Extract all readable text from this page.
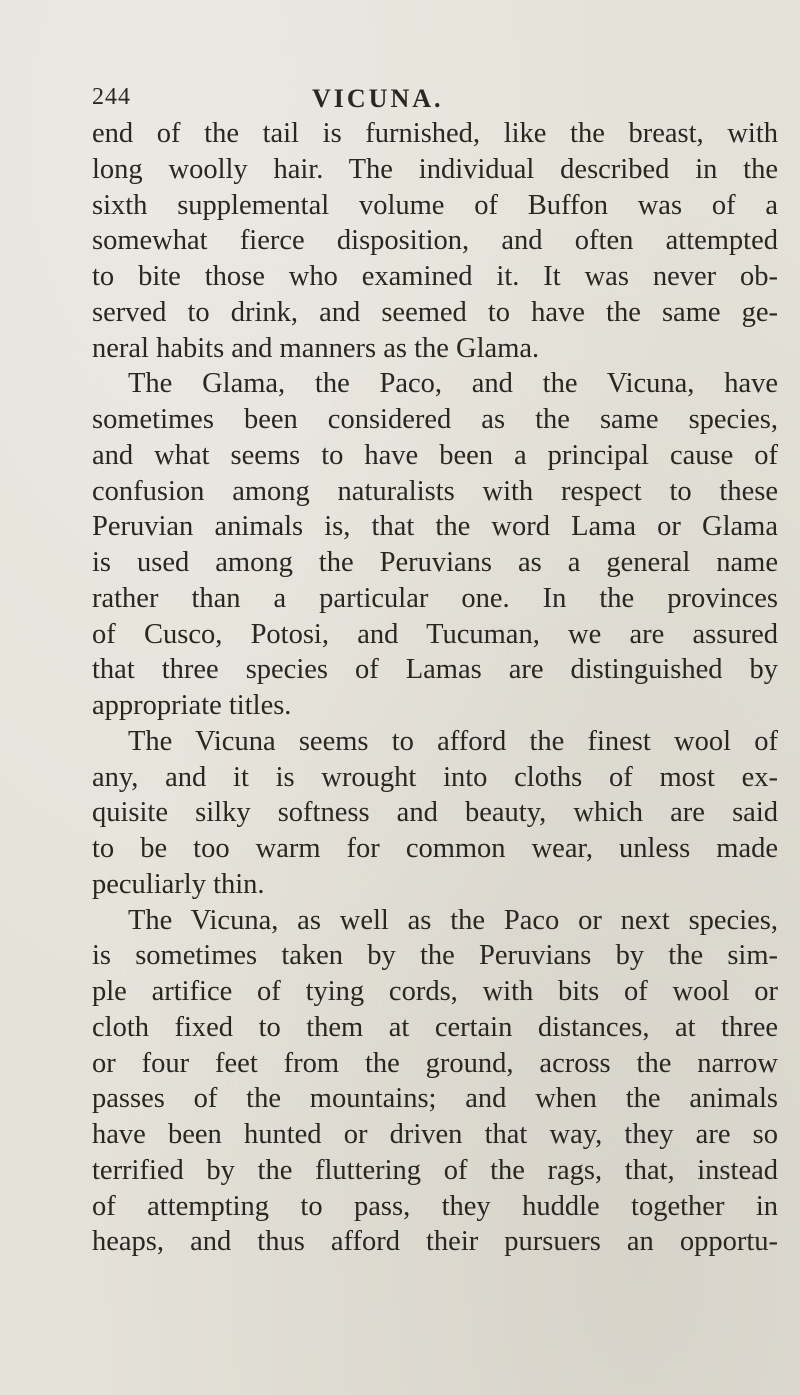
244	VICUNA.
end of the tail is furnished, like the breast, with
long woolly hair. The individual described in the
sixth supplemental volume of Buffon was of a
somewhat fierce disposition, and often attempted
to bite those who examined it. It was never ob-
served to drink, and seemed to have the same ge-
neral habits and manners as the Glama.
The Glama, the Paco, and the Vicuna, have
sometimes been considered as the same species,
and what seems to have been a principal cause of
confusion among naturalists with respect to these
Peruvian animals is, that the word Lama or Glama
is used among the Peruvians as a general name
rather than a particular one. In the provinces
of Cusco, Potosi, and Tucuman, we are assured
that three species of Lamas are distinguished by
appropriate titles.
The Vicuna seems to afford the finest wool of
any, and it is wrought into cloths of most ex-
quisite silky softness and beauty, which are said
to be too warm for common wear, unless made
peculiarly thin.
The Vicuna, as well as the Paco or next species,
is sometimes taken by the Peruvians by the sim-
ple artifice of tying cords, with bits of wool or
cloth fixed to them at certain distances, at three
or four feet from the ground, across the narrow
passes of the mountains; and when the animals
have been hunted or driven that way, they are so
terrified by the fluttering of the rags, that, instead
of attempting to pass, they huddle together in
heaps, and thus afford their pursuers an opportu-
